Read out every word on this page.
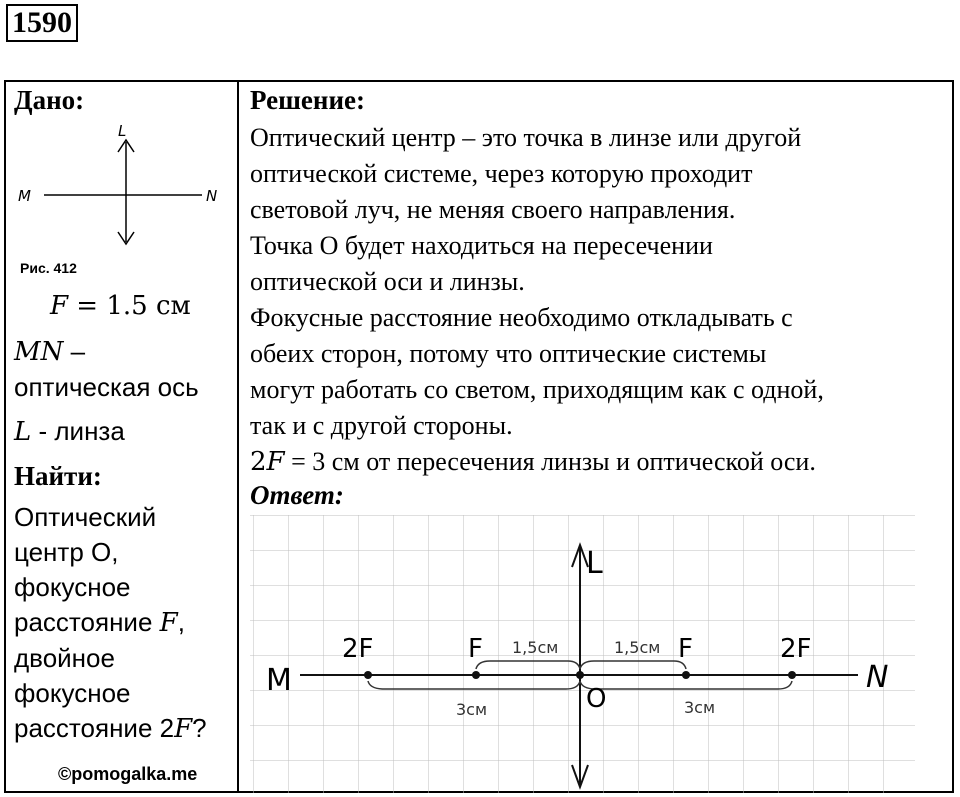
1590
Дано:
L
M	N
Рис. 412
F = 1.5 см
MN –
оптическая ось
L - линза
Найти:
Оптический
центр О,
фокусное
расстояние F,
двойное
фокусное
расстояние 2F?
©pomogalka.me
Решение:
Оптический центр – это точка в линзе или другой
оптической системе, через которую проходит
световой луч, не меняя своего направления.
Точка О будет находиться на пересечении
оптической оси и линзы.
Фокусные расстояние необходимо откладывать с
обеих сторон, потому что оптические системы
могут работать со светом, приходящим как с одной,
так и с другой стороны.
2F = 3 см от пересечения линзы и оптической оси.
Ответ:
L
M	N
O
2F	F	F	2F
1,5см	1,5см
3см	3см
